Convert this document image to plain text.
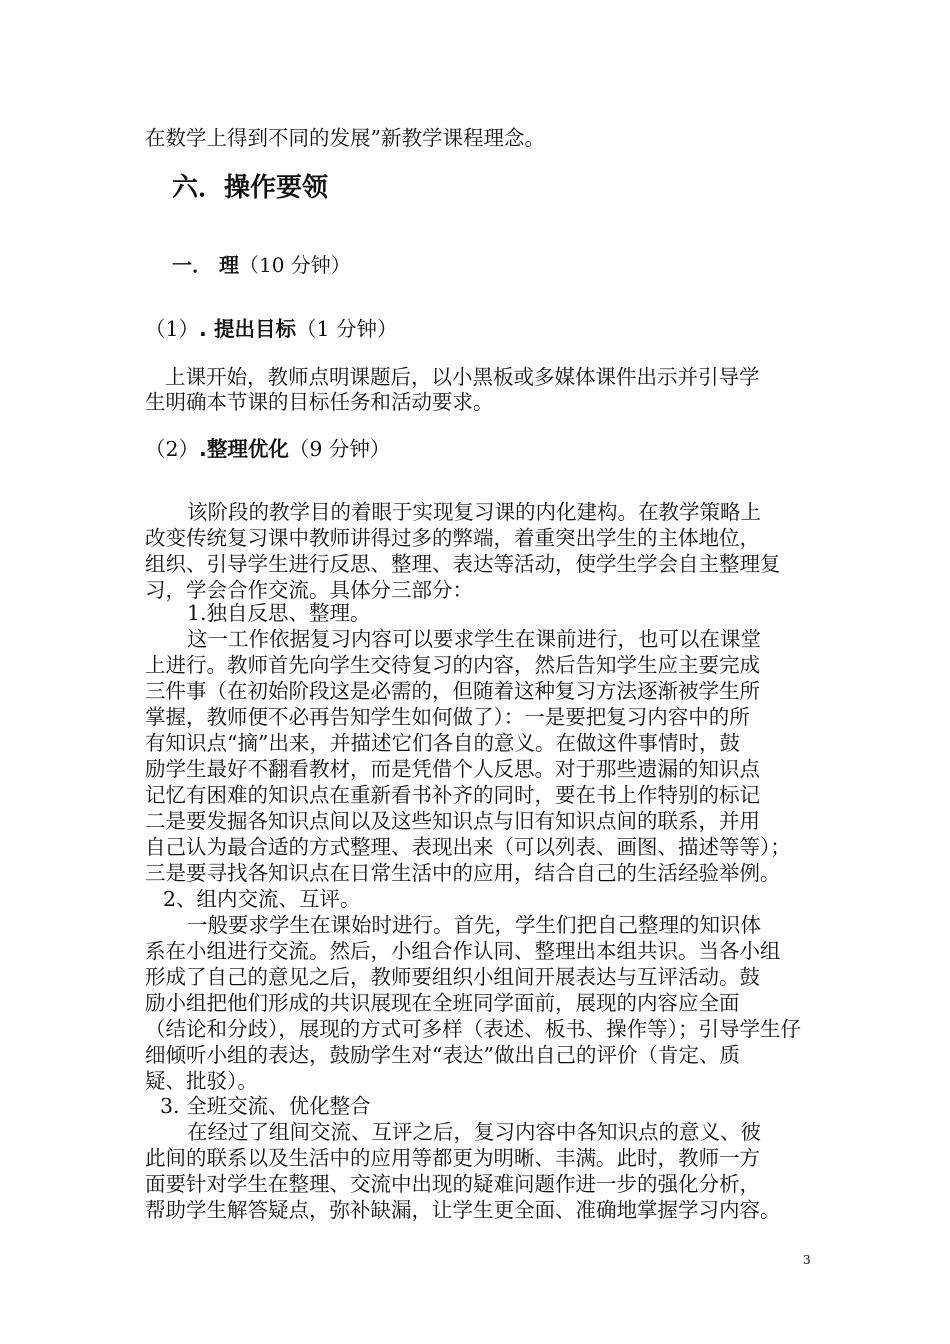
在数学上得到不同的发展”新教学课程理念。

六．操作要领

一． 理（10 分钟）

（1）. 提出目标（1 分钟）

上课开始，教师点明课题后，以小黑板或多媒体课件出示并引导学

生明确本节课的目标任务和活动要求。

（2）.整理优化（9 分钟）

该阶段的教学目的着眼于实现复习课的内化建构。在教学策略上

改变传统复习课中教师讲得过多的弊端，着重突出学生的主体地位，

组织、引导学生进行反思、整理、表达等活动，使学生学会自主整理复

习，学会合作交流。具体分三部分：

1.独自反思、整理。

这一工作依据复习内容可以要求学生在课前进行，也可以在课堂

上进行。教师首先向学生交待复习的内容，然后告知学生应主要完成

三件事（在初始阶段这是必需的，但随着这种复习方法逐渐被学生所

掌握，教师便不必再告知学生如何做了）：一是要把复习内容中的所

有知识点“摘”出来，并描述它们各自的意义。在做这件事情时，鼓

励学生最好不翻看教材，而是凭借个人反思。对于那些遗漏的知识点

记忆有困难的知识点在重新看书补齐的同时，要在书上作特别的标记

二是要发掘各知识点间以及这些知识点与旧有知识点间的联系，并用

自己认为最合适的方式整理、表现出来（可以列表、画图、描述等等）；

三是要寻找各知识点在日常生活中的应用，结合自己的生活经验举例。

2、组内交流、互评。

一般要求学生在课始时进行。首先，学生们把自己整理的知识体

系在小组进行交流。然后，小组合作认同、整理出本组共识。当各小组

形成了自己的意见之后，教师要组织小组间开展表达与互评活动。鼓

励小组把他们形成的共识展现在全班同学面前，展现的内容应全面

（结论和分歧），展现的方式可多样（表述、板书、操作等）；引导学生仔

细倾听小组的表达，鼓励学生对“表达”做出自己的评价（肯定、质

疑、批驳）。

3. 全班交流、优化整合

在经过了组间交流、互评之后，复习内容中各知识点的意义、彼

此间的联系以及生活中的应用等都更为明晰、丰满。此时，教师一方

面要针对学生在整理、交流中出现的疑难问题作进一步的强化分析，

帮助学生解答疑点，弥补缺漏，让学生更全面、准确地掌握学习内容。

3
